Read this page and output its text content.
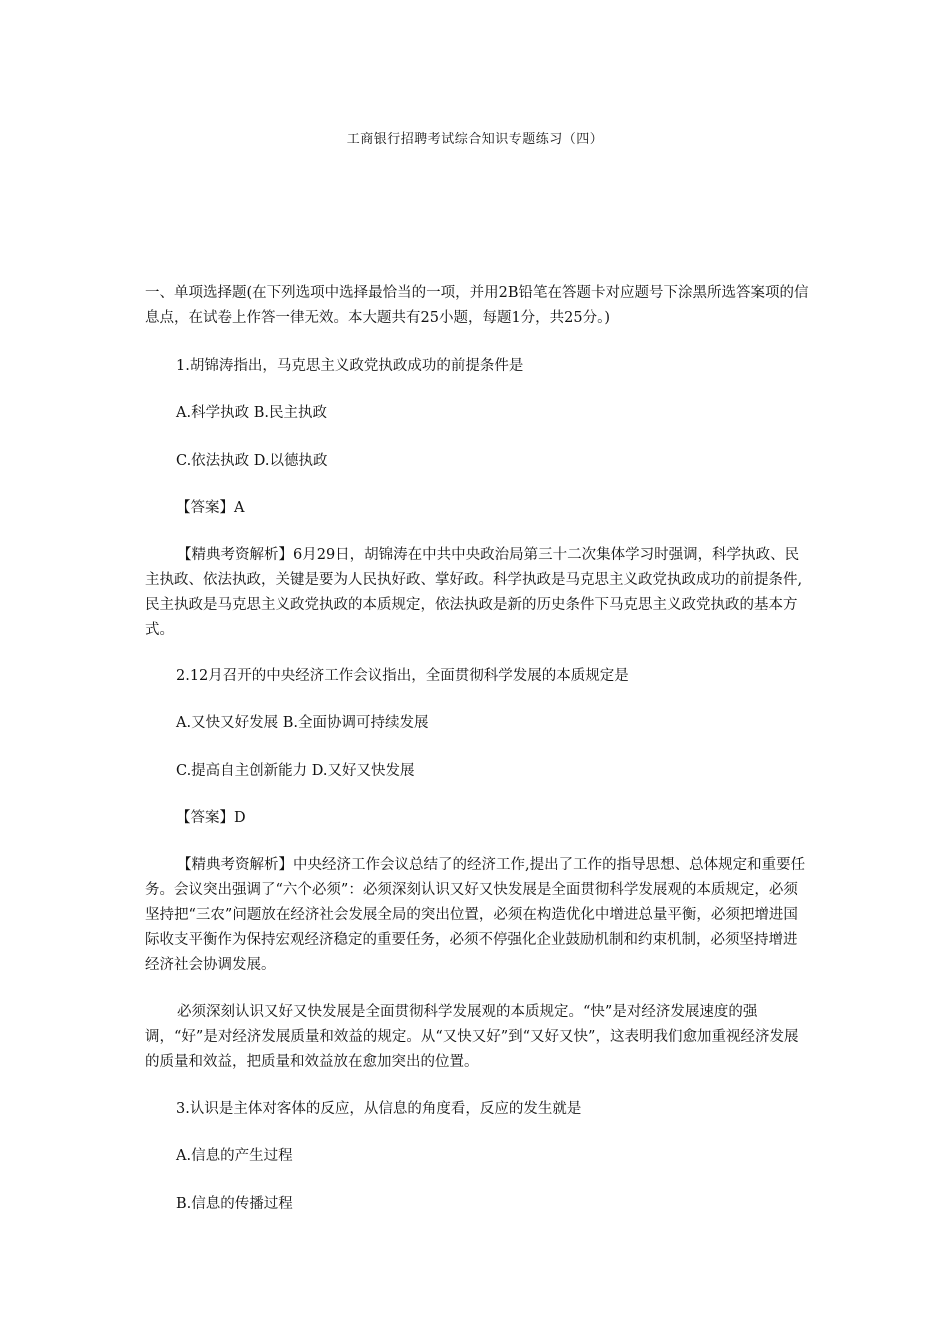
工商银行招聘考试综合知识专题练习（四）

一、单项选择题(在下列选项中选择最恰当的一项，并用2B铅笔在答题卡对应题号下涂黑所选答案项的信息点，在试卷上作答一律无效。本大题共有25小题，每题1分，共25分。)

1.胡锦涛指出，马克思主义政党执政成功的前提条件是

A.科学执政 B.民主执政

C.依法执政 D.以德执政

【答案】A

【精典考资解析】6月29日，胡锦涛在中共中央政治局第三十二次集体学习时强调，科学执政、民主执政、依法执政，关键是要为人民执好政、掌好政。科学执政是马克思主义政党执政成功的前提条件, 民主执政是马克思主义政党执政的本质规定，依法执政是新的历史条件下马克思主义政党执政的基本方式。

2.12月召开的中央经济工作会议指出，全面贯彻科学发展的本质规定是

A.又快又好发展 B.全面协调可持续发展

C.提高自主创新能力 D.又好又快发展

【答案】D

【精典考资解析】中央经济工作会议总结了的经济工作,提出了工作的指导思想、总体规定和重要任务。会议突出强调了“六个必须”：必须深刻认识又好又快发展是全面贯彻科学发展观的本质规定，必须坚持把“三农”问题放在经济社会发展全局的突出位置，必须在构造优化中增进总量平衡，必须把增进国际收支平衡作为保持宏观经济稳定的重要任务，必须不停强化企业鼓励机制和约束机制，必须坚持增进经济社会协调发展。

必须深刻认识又好又快发展是全面贯彻科学发展观的本质规定。“快”是对经济发展速度的强调，“好”是对经济发展质量和效益的规定。从“又快又好”到“又好又快”，这表明我们愈加重视经济发展的质量和效益，把质量和效益放在愈加突出的位置。

3.认识是主体对客体的反应，从信息的角度看，反应的发生就是

A.信息的产生过程

B.信息的传播过程
